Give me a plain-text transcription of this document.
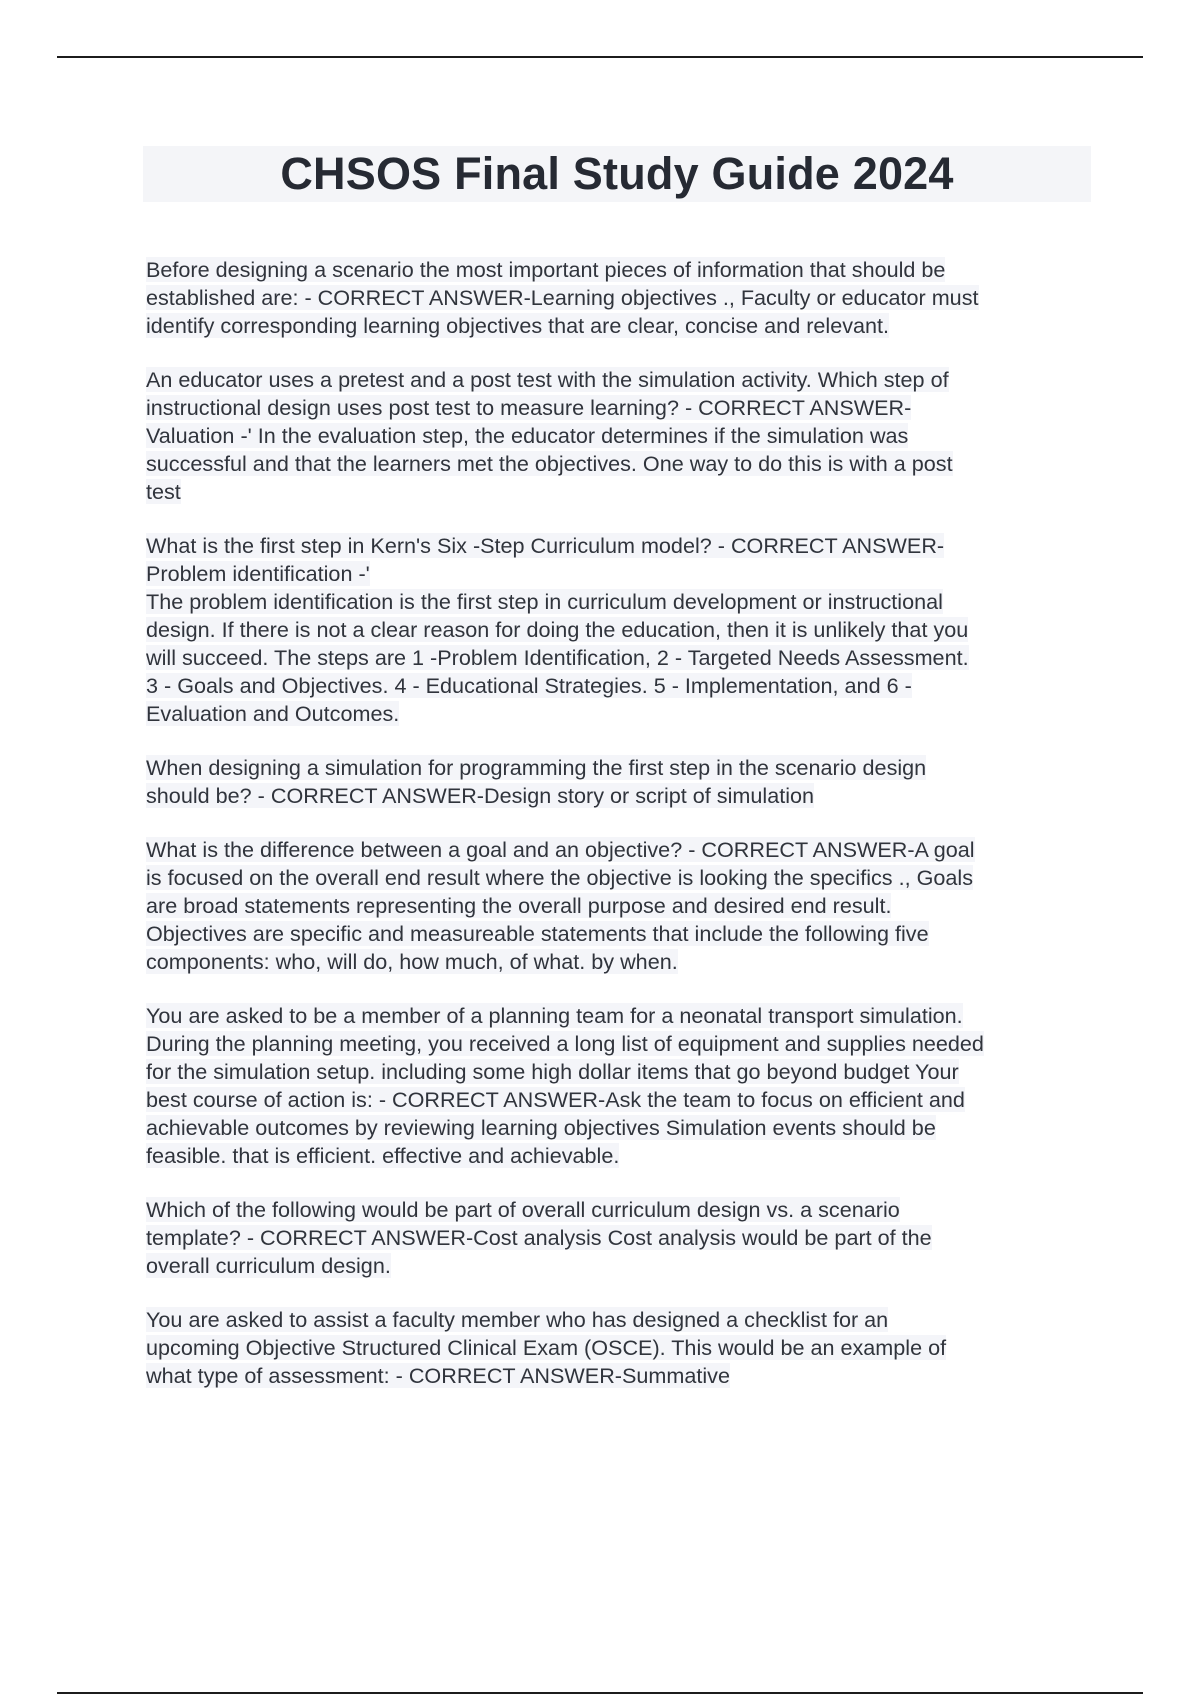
CHSOS Final Study Guide 2024

Before designing a scenario the most important pieces of information that should be
established are: - CORRECT ANSWER-Learning objectives ., Faculty or educator must
identify corresponding learning objectives that are clear, concise and relevant.

An educator uses a pretest and a post test with the simulation activity. Which step of
instructional design uses post test to measure learning? - CORRECT ANSWER-
Valuation -' In the evaluation step, the educator determines if the simulation was
successful and that the learners met the objectives. One way to do this is with a post
test

What is the first step in Kern's Six -Step Curriculum model? - CORRECT ANSWER-
Problem identification -'
The problem identification is the first step in curriculum development or instructional
design. If there is not a clear reason for doing the education, then it is unlikely that you
will succeed. The steps are 1 -Problem Identification, 2 - Targeted Needs Assessment.
3 - Goals and Objectives. 4 - Educational Strategies. 5 - Implementation, and 6 -
Evaluation and Outcomes.

When designing a simulation for programming the first step in the scenario design
should be? - CORRECT ANSWER-Design story or script of simulation

What is the difference between a goal and an objective? - CORRECT ANSWER-A goal
is focused on the overall end result where the objective is looking the specifics ., Goals
are broad statements representing the overall purpose and desired end result.
Objectives are specific and measureable statements that include the following five
components: who, will do, how much, of what. by when.

You are asked to be a member of a planning team for a neonatal transport simulation.
During the planning meeting, you received a long list of equipment and supplies needed
for the simulation setup. including some high dollar items that go beyond budget Your
best course of action is: - CORRECT ANSWER-Ask the team to focus on efficient and
achievable outcomes by reviewing learning objectives Simulation events should be
feasible. that is efficient. effective and achievable.

Which of the following would be part of overall curriculum design vs. a scenario
template? - CORRECT ANSWER-Cost analysis Cost analysis would be part of the
overall curriculum design.

You are asked to assist a faculty member who has designed a checklist for an
upcoming Objective Structured Clinical Exam (OSCE). This would be an example of
what type of assessment: - CORRECT ANSWER-Summative
